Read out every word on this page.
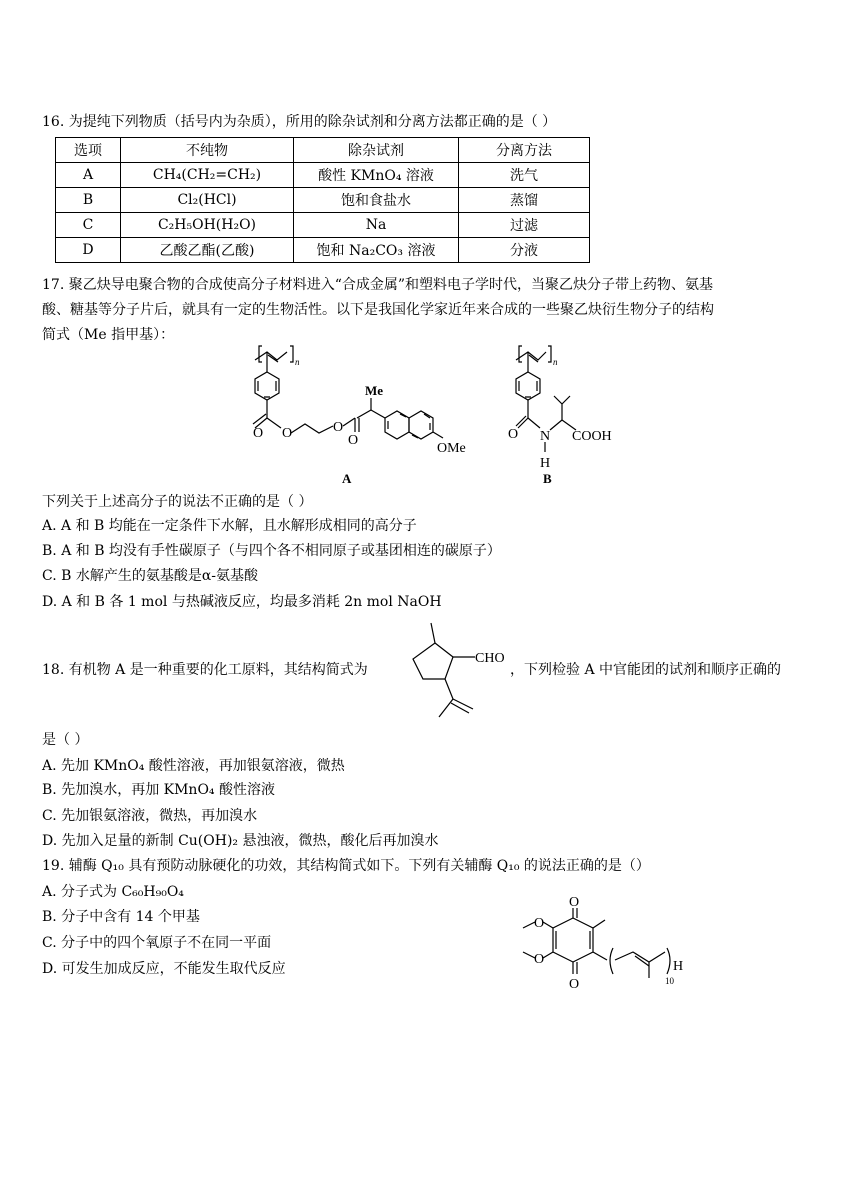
16. 为提纯下列物质（括号内为杂质），所用的除杂试剂和分离方法都正确的是（ ）
选项	不纯物	除杂试剂	分离方法
A	CH₄(CH₂=CH₂)	酸性 KMnO₄ 溶液	洗气
B	Cl₂(HCl)	饱和食盐水	蒸馏
C	C₂H₅OH(H₂O)	Na	过滤
D	乙酸乙酯(乙酸)	饱和 Na₂CO₃ 溶液	分液
17. 聚乙炔导电聚合物的合成使高分子材料进入“合成金属”和塑料电子学时代，当聚乙炔分子带上药物、氨基
酸、糖基等分子片后，就具有一定的生物活性。以下是我国化学家近年来合成的一些聚乙炔衍生物分子的结构
简式（Me 指甲基）：
O O	O
O
Me
OMe
n
A
O N
H
COOH
n
B
下列关于上述高分子的说法不正确的是（ ）
A. A 和 B 均能在一定条件下水解，且水解形成相同的高分子
B. A 和 B 均没有手性碳原子（与四个各不相同原子或基团相连的碳原子）
C. B 水解产生的氨基酸是α-氨基酸
D. A 和 B 各 1 mol 与热碱液反应，均最多消耗 2n mol NaOH
18. 有机物 A 是一种重要的化工原料，其结构简式为
CHO
，下列检验 A 中官能团的试剂和顺序正确的
是（ ）
A. 先加 KMnO₄ 酸性溶液，再加银氨溶液，微热
B. 先加溴水，再加 KMnO₄ 酸性溶液
C. 先加银氨溶液，微热，再加溴水
D. 先加入足量的新制 Cu(OH)₂ 悬浊液，微热，酸化后再加溴水
19. 辅酶 Q₁₀ 具有预防动脉硬化的功效，其结构简式如下。下列有关辅酶 Q₁₀ 的说法正确的是（）
A. 分子式为 C₆₀H₉₀O₄
B. 分子中含有 14 个甲基
C. 分子中的四个氧原子不在同一平面
D. 可发生加成反应，不能发生取代反应
O
O
O
O	H
10
